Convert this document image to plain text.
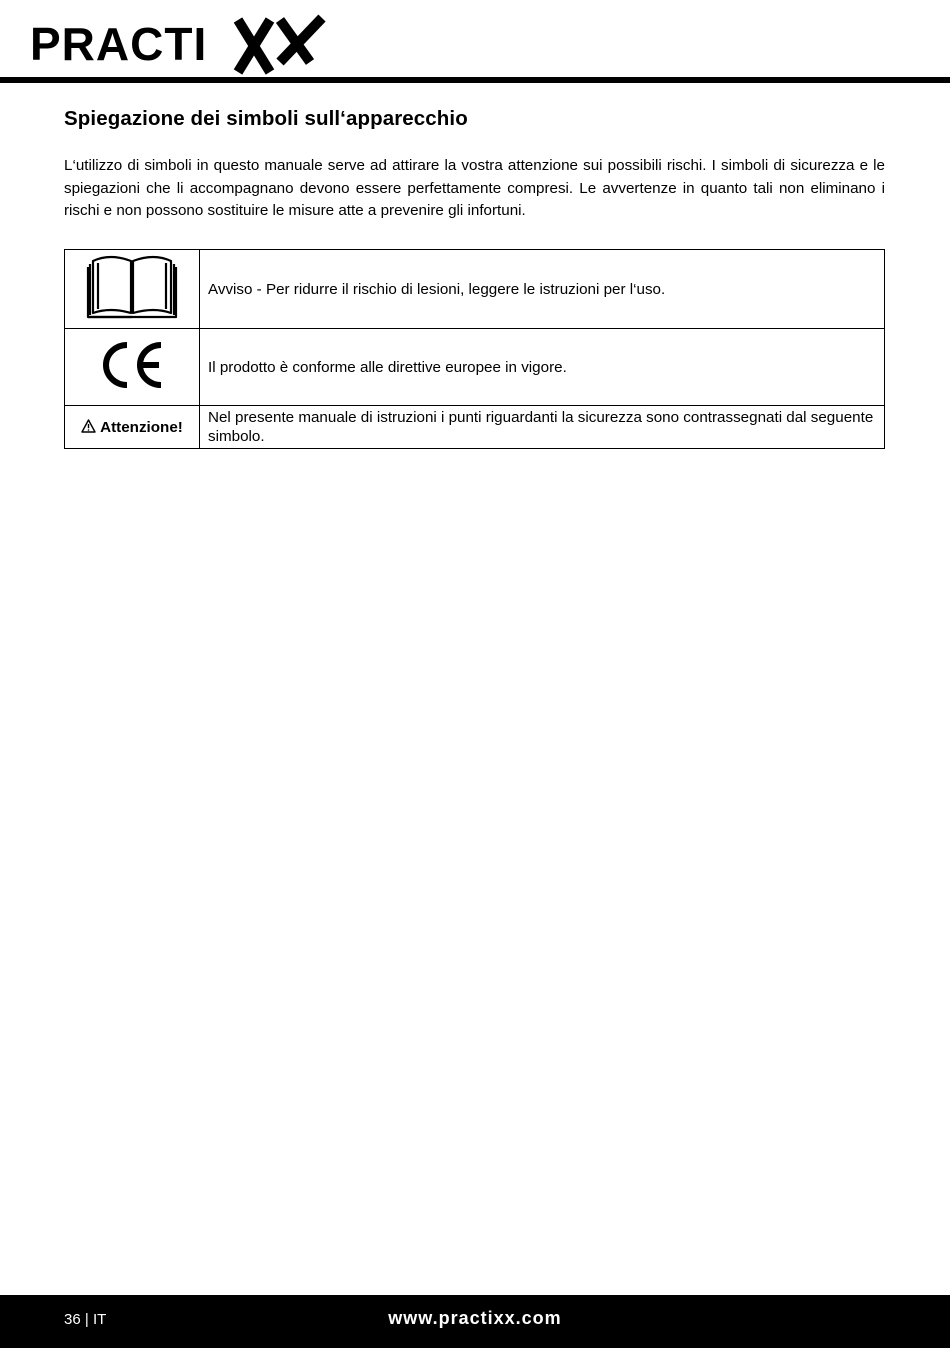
PRACTI
Spiegazione dei simboli sull‘apparecchio

L‘utilizzo di simboli in questo manuale serve ad attirare la vostra attenzione sui possibili rischi. I simboli di sicurezza e le spiegazioni che li accompagnano devono essere perfettamente compresi. Le avvertenze in quanto tali non eliminano i rischi e non possono sostituire le misure atte a prevenire gli infortuni.

	Avviso - Per ridurre il rischio di lesioni, leggere le istruzioni per l‘uso.
	Il prodotto è conforme alle direttive europee in vigore.
Attenzione!	Nel presente manuale di istruzioni i punti riguardanti la sicurezza sono contrassegnati dal seguente simbolo.
36 | IT	www.practixx.com
